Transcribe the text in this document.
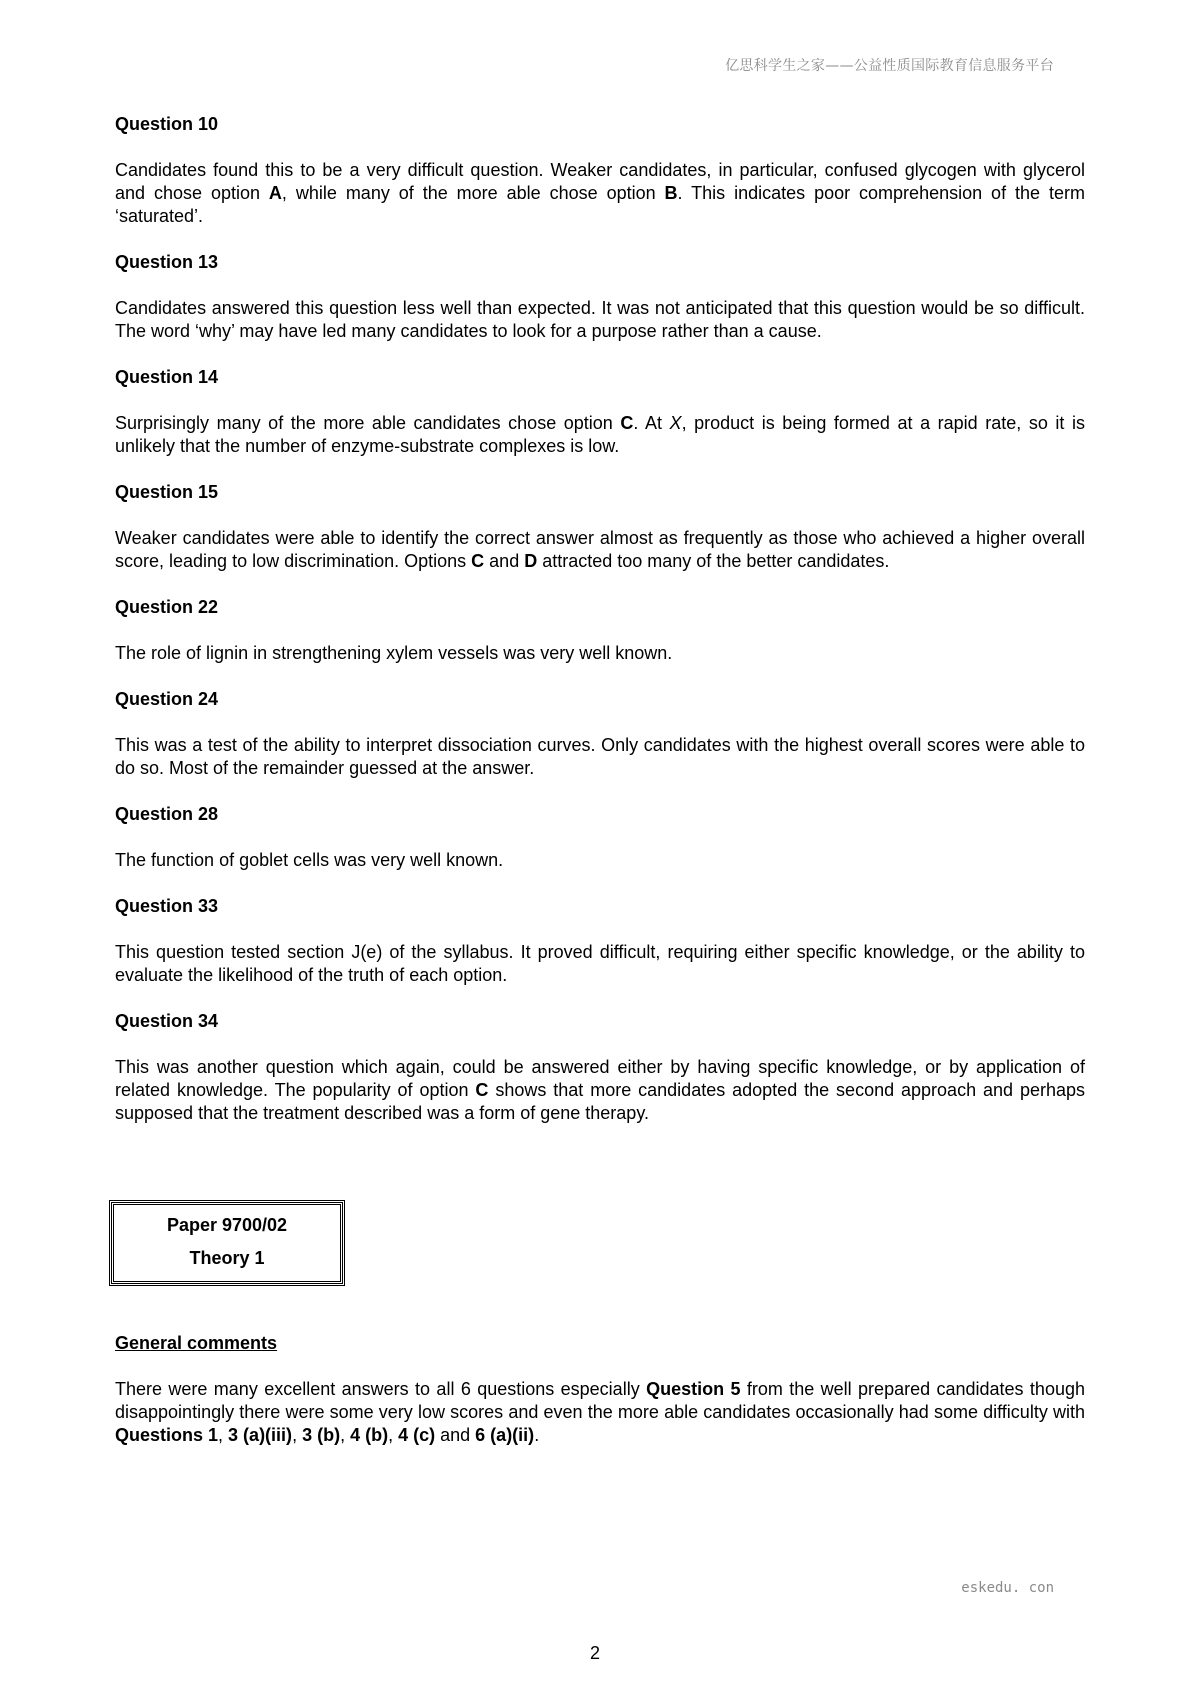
亿思科学生之家——公益性质国际教育信息服务平台
Question 10
Candidates found this to be a very difficult question. Weaker candidates, in particular, confused glycogen with glycerol and chose option A, while many of the more able chose option B. This indicates poor comprehension of the term ‘saturated’.
Question 13
Candidates answered this question less well than expected. It was not anticipated that this question would be so difficult. The word ‘why’ may have led many candidates to look for a purpose rather than a cause.
Question 14
Surprisingly many of the more able candidates chose option C. At X, product is being formed at a rapid rate, so it is unlikely that the number of enzyme-substrate complexes is low.
Question 15
Weaker candidates were able to identify the correct answer almost as frequently as those who achieved a higher overall score, leading to low discrimination. Options C and D attracted too many of the better candidates.
Question 22
The role of lignin in strengthening xylem vessels was very well known.
Question 24
This was a test of the ability to interpret dissociation curves. Only candidates with the highest overall scores were able to do so. Most of the remainder guessed at the answer.
Question 28
The function of goblet cells was very well known.
Question 33
This question tested section J(e) of the syllabus. It proved difficult, requiring either specific knowledge, or the ability to evaluate the likelihood of the truth of each option.
Question 34
This was another question which again, could be answered either by having specific knowledge, or by application of related knowledge. The popularity of option C shows that more candidates adopted the second approach and perhaps supposed that the treatment described was a form of gene therapy.
Paper 9700/02
Theory 1
General comments
There were many excellent answers to all 6 questions especially Question 5 from the well prepared candidates though disappointingly there were some very low scores and even the more able candidates occasionally had some difficulty with Questions 1, 3 (a)(iii), 3 (b), 4 (b), 4 (c) and 6 (a)(ii).
eskedu. con
2
